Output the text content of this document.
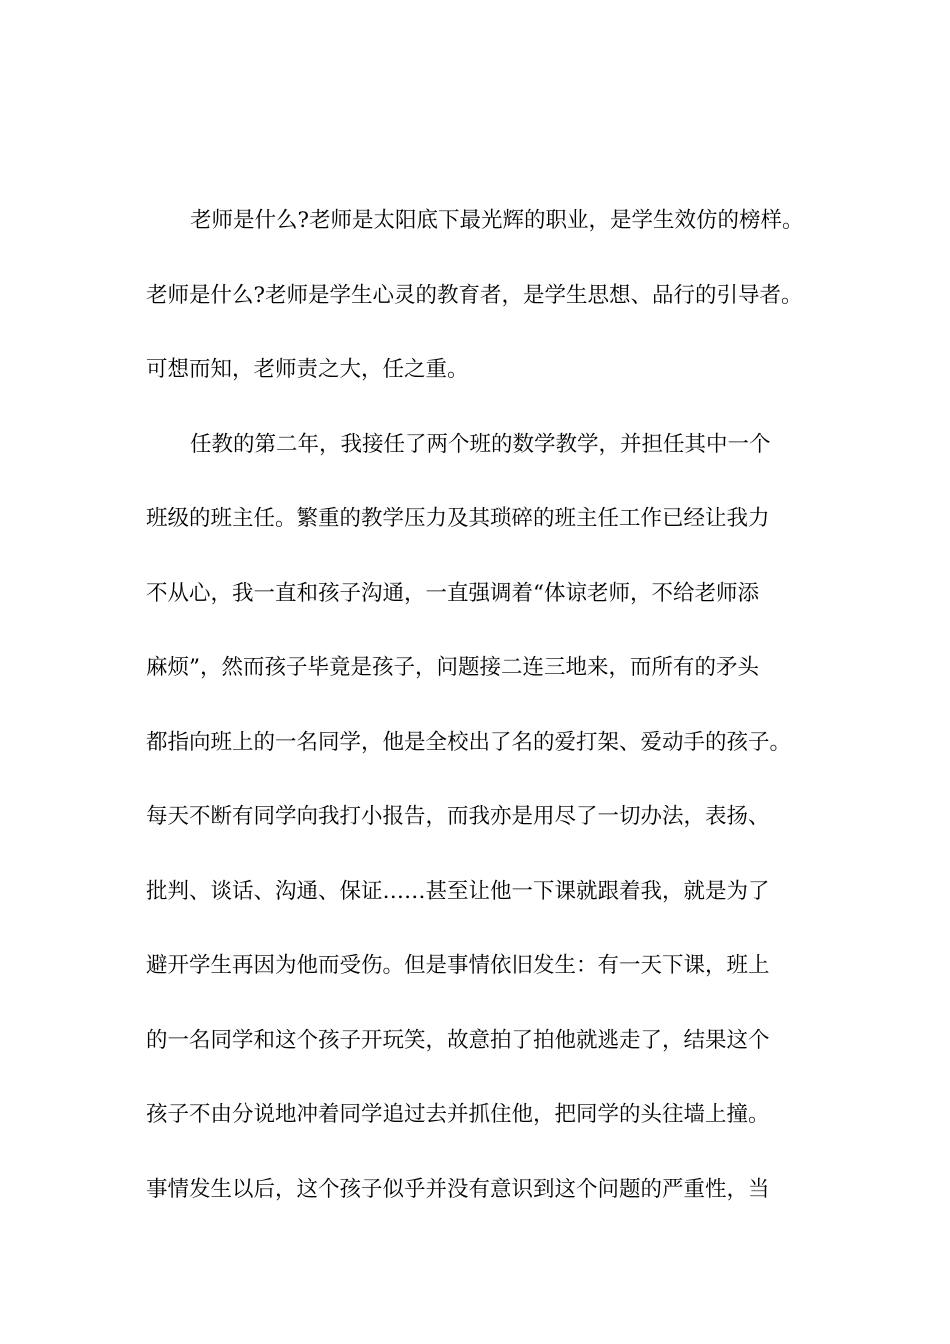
老师是什么?老师是太阳底下最光辉的职业，是学生效仿的榜样。
老师是什么?老师是学生心灵的教育者，是学生思想、品行的引导者。
可想而知，老师责之大，任之重。
任教的第二年，我接任了两个班的数学教学，并担任其中一个
班级的班主任。繁重的教学压力及其琐碎的班主任工作已经让我力
不从心，我一直和孩子沟通，一直强调着“体谅老师，不给老师添
麻烦”，然而孩子毕竟是孩子，问题接二连三地来，而所有的矛头
都指向班上的一名同学，他是全校出了名的爱打架、爱动手的孩子。
每天不断有同学向我打小报告，而我亦是用尽了一切办法，表扬、
批判、谈话、沟通、保证……甚至让他一下课就跟着我，就是为了
避开学生再因为他而受伤。但是事情依旧发生：有一天下课，班上
的一名同学和这个孩子开玩笑，故意拍了拍他就逃走了，结果这个
孩子不由分说地冲着同学追过去并抓住他，把同学的头往墙上撞。
事情发生以后，这个孩子似乎并没有意识到这个问题的严重性，当
